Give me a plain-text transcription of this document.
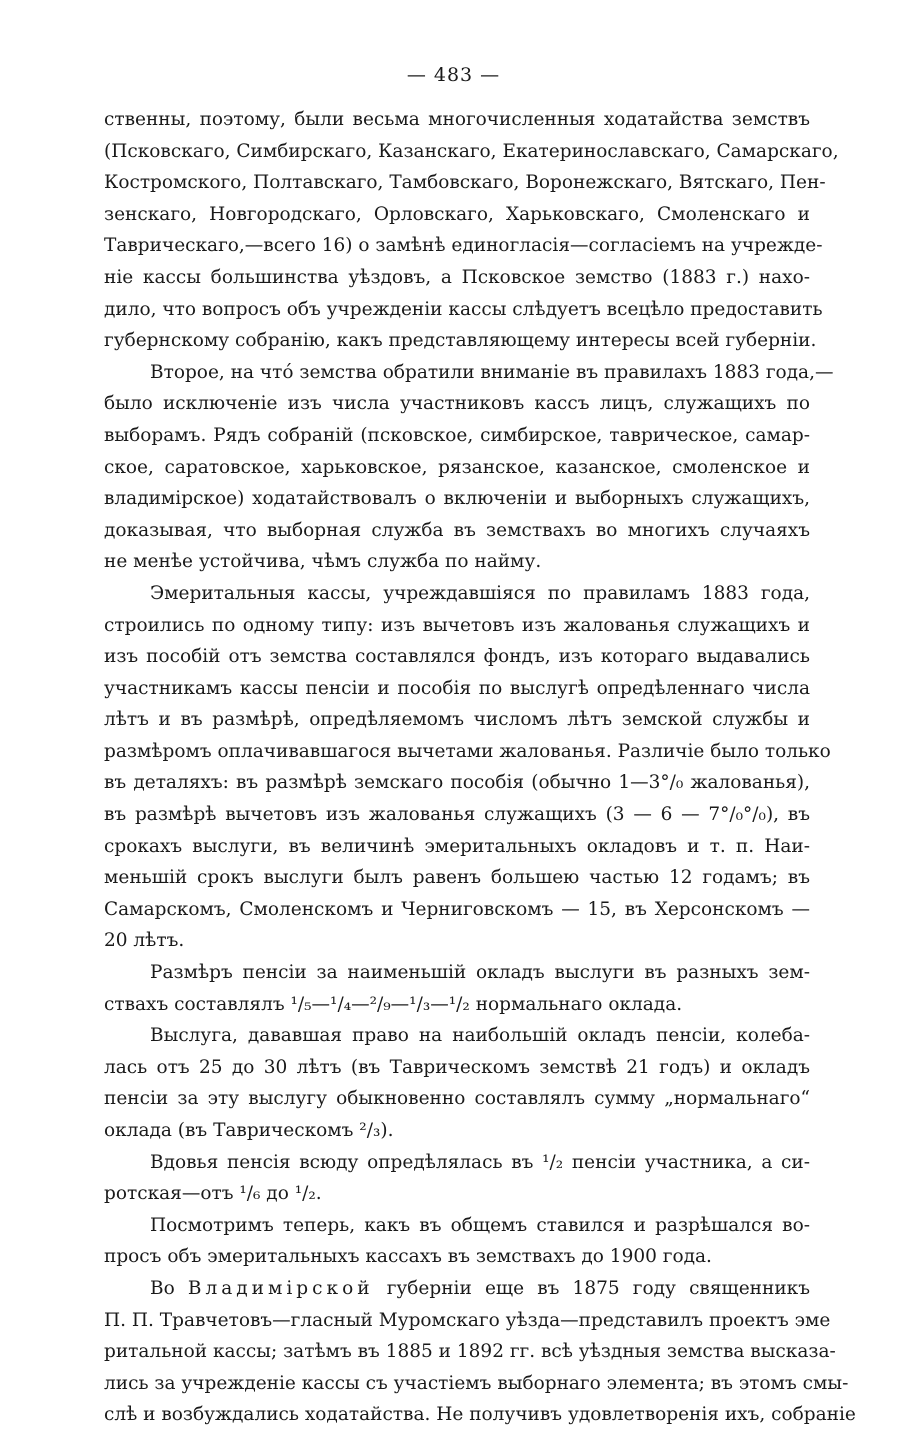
— 483 —
ственны, поэтому, были весьма многочисленныя ходатайства земствъ
(Псковскаго, Симбирскаго, Казанскаго, Екатеринославскаго, Самарскаго,
Костромского, Полтавскаго, Тамбовскаго, Воронежскаго, Вятскаго, Пен-
зенскаго, Новгородскаго, Орловскаго, Харьковскаго, Смоленскаго и
Таврическаго,—всего 16) о замѣнѣ единогласія—согласіемъ на учрежде-
ніе кассы большинства уѣздовъ, а Псковское земство (1883 г.) нахо-
дило, что вопросъ объ учрежденіи кассы слѣдуетъ всецѣло предоставить
губернскому собранію, какъ представляющему интересы всей губерніи.
Второе, на что́ земства обратили вниманіе въ правилахъ 1883 года,—
было исключеніе изъ числа участниковъ кассъ лицъ, служащихъ по
выборамъ. Рядъ собраній (псковское, симбирское, таврическое, самар-
ское, саратовское, харьковское, рязанское, казанское, смоленское и
владимірское) ходатайствовалъ о включеніи и выборныхъ служащихъ,
доказывая, что выборная служба въ земствахъ во многихъ случаяхъ
не менѣе устойчива, чѣмъ служба по найму.
Эмеритальныя кассы, учреждавшіяся по правиламъ 1883 года,
строились по одному типу: изъ вычетовъ изъ жалованья служащихъ и
изъ пособій отъ земства составлялся фондъ, изъ котораго выдавались
участникамъ кассы пенсіи и пособія по выслугѣ опредѣленнаго числа
лѣтъ и въ размѣрѣ, опредѣляемомъ числомъ лѣтъ земской службы и
размѣромъ оплачивавшагося вычетами жалованья. Различіе было только
въ деталяхъ: въ размѣрѣ земскаго пособія (обычно 1—3°/₀ жалованья),
въ размѣрѣ вычетовъ изъ жалованья служащихъ (3 — 6 — 7°/₀°/₀), въ
срокахъ выслуги, въ величинѣ эмеритальныхъ окладовъ и т. п. Наи-
меньшій срокъ выслуги былъ равенъ большею частью 12 годамъ; въ
Самарскомъ, Смоленскомъ и Черниговскомъ — 15, въ Херсонскомъ —
20 лѣтъ.
Размѣръ пенсіи за наименьшій окладъ выслуги въ разныхъ зем-
ствахъ составлялъ ¹/₅—¹/₄—²/₉—¹/₃—¹/₂ нормальнаго оклада.
Выслуга, дававшая право на наибольшій окладъ пенсіи, колеба-
лась отъ 25 до 30 лѣтъ (въ Таврическомъ земствѣ 21 годъ) и окладъ
пенсіи за эту выслугу обыкновенно составлялъ сумму „нормальнаго“
оклада (въ Таврическомъ ²/₃).
Вдовья пенсія всюду опредѣлялась въ ¹/₂ пенсіи участника, а си-
ротская—отъ ¹/₆ до ¹/₂.
Посмотримъ теперь, какъ въ общемъ ставился и разрѣшался во-
просъ объ эмеритальныхъ кассахъ въ земствахъ до 1900 года.
Во Владимірской губерніи еще въ 1875 году священникъ
П. П. Травчетовъ—гласный Муромскаго уѣзда—представилъ проектъ эме
ритальной кассы; затѣмъ въ 1885 и 1892 гг. всѣ уѣздныя земства высказа-
лись за учрежденіе кассы съ участіемъ выборнаго элемента; въ этомъ смы-
слѣ и возбуждались ходатайства. Не получивъ удовлетворенія ихъ, собраніе
